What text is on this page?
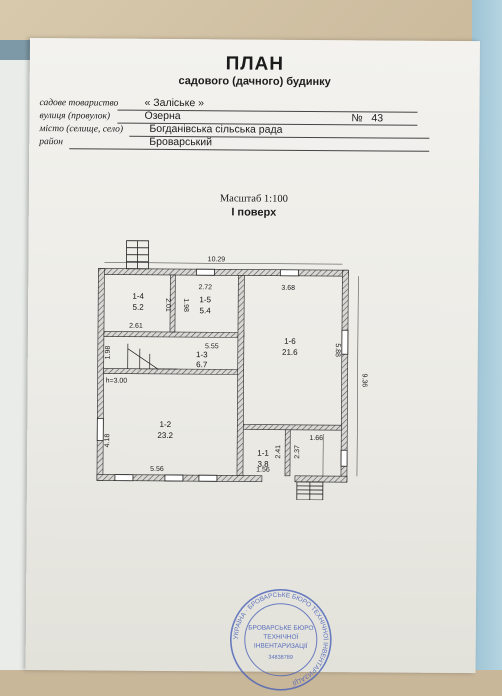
ПЛАН
садового (дачного) будинку
садове товариство « Заліське »
вулиця (провулок)	Озерна	№ 43
місто (селище, село)	Богданівська сільська рада
район	Броварський
Масштаб 1:100
I поверх
10.29
9.36
2.72	3.68
2.01 1.98
2.61
5.55
1.98	5.88
4.18
5.56
2.41 2.37
1.66
1.56
h=3.00
1-4
5.2
1-5
5.4
1-6
21.6
1-3
6.7
1-2
23.2
1-1
3.8
УКРАЇНА · БРОВАРСЬКЕ БЮРО ТЕХНІЧНОЇ ІНВЕНТАРИЗАЦІЇ
БРОВАРСЬКЕ БЮРО
ТЕХНІЧНОЇ
ІНВЕНТАРИЗАЦІЇ
34838789
